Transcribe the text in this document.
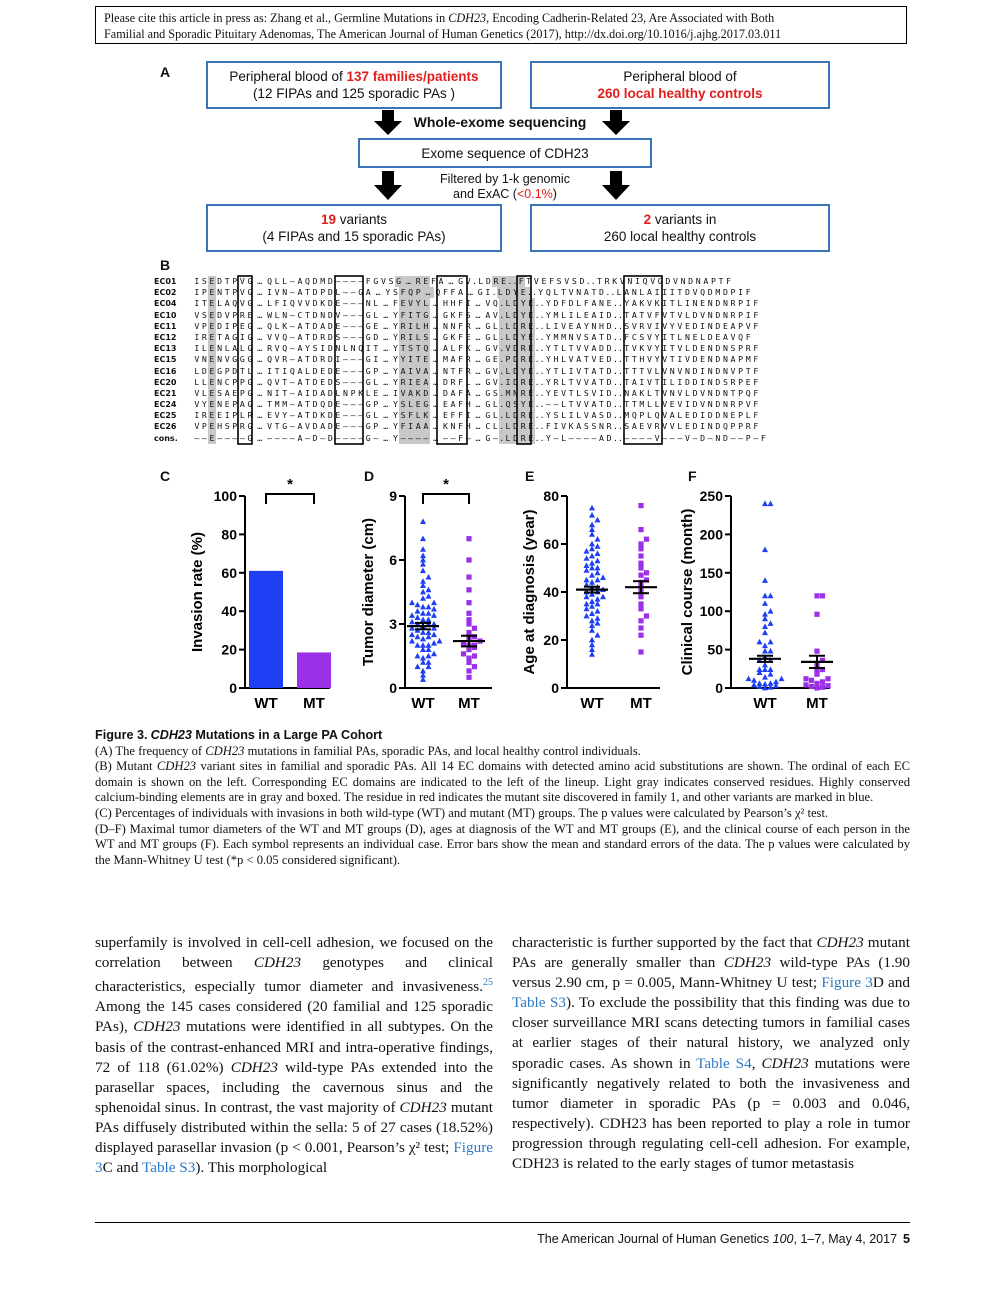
Please cite this article in press as: Zhang et al., Germline Mutations in CDH23, Encoding Cadherin-Related 23, Are Associated with Both
Familial and Sporadic Pituitary Adenomas, The American Journal of Human Genetics (2017), http://dx.doi.org/10.1016/j.ajhg.2017.03.011
A	Peripheral blood of 137 families/patients
(12 FIPAs and 125 sporadic PAs )
Peripheral blood of
260 local healthy controls
Whole-exome sequencing
Exome sequence of CDH23
Filtered by 1-k genomic
and ExAC (<0.1%)
19 variants
(4 FIPAs and 15 sporadic PAs)
2 variants in
260 local healthy controls
B
EC01 I S E D T P V G … Q L L — A Q D M D — — — — F G V S G … R E F A … G V.L D R E..F T V E F S V S D..T R K V N I Q V G D V N D N A P T F
EC02 I P E N T P V G … I V N — A T D P D L — — G A … Y S F Q P … Q F F A … G I.L D Y E..Y Q L T V N A T D..L A N L A I I I T D V Q D M D P I F
EC04 I T E L A Q V G … L F I Q V V D K D E — — — N L … F E V Y L … H H F I … V Q.L D Y E..Y D F D L F A N E..Y A K V K I T L I N E N D N R P I F
EC10 V S E D V P R E … W L N — C T D N D V — — — G L … Y F I T G … G K F S … A V.L D Y E..Y M L I L E A I D..T A T V F V T V L D V N D N R P I F
EC11 V P E D I P E G … Q L K — A T D A D E — — — G E … Y R I L H … N N F R … G L.L D R E..L I V E A Y N H D..S V R V I V Y V E D I N D E A P V F
EC12 I R E T A G I G … V V Q — A T D R D S — — — G D … Y R I L S … G K F E … G L.L D Y E..Y M M N V S A T D..F C S V Y I T L N E L D E A V Q F
EC13 I L E N L A L G … R V Q — A Y S I D N L N Q I T … Y T S T Q … A L F K … G V.V D R E..Y T L T V V A D D..T V K V Y I T V L D E N D N S P R F
EC15 V N E N V G G G … Q V R — A T D R D I — — — G I … Y Y I T E … M A F R … G E.P D R E..Y H L V A T V E D..T T H V Y V T I V D E N D N A P M F
EC16 L D E G P D T L … I T I Q A L D E D E — — — G P … Y A I V A … N T F R … G V.L D Y E..Y T L I V T A T D..T T T V L V N V N D I N D N V P T F
EC20 L L E N C P P G … Q V T — A T D E D S — — — G L … Y R I E A … D R F L … G V.I D R E..Y R L T V V A T D..T A I V T I L I D D I N D S R P E F
EC21 V L E S A E P G … N I T — A I D A D L N P K L E … I V A K D … D A F A … G S.M N R E..Y E V T L S V I D..N A K L T V N V L D V N D N T P Q F
EC24 V Y E N E P A G … T M M — A T D Q D E — — — G P … Y S L E G … E A F H … G L.Q S Y E..— — L T V V A T D..T T M L L V E V I D V N D N R P V F
EC25 I R E E I P L R … E V Y — A T D K D E — — — G L … Y S F L K … E F F I … G L.L D R E..Y S L I L V A S D..M Q P L Q V A L E D I D D N E P L F
EC26 V P E H S P R G … V T G — A V D A D E — — — G P … Y F I A A … K N F H … C L.L D R E..F I V K A S S N R..S A E V R V V L E D I N D Q P P R F
cons. — — E — — — — G … — — — — A — D — D — — — — G — … Y — — — — … — — F — … G —.L D R E..Y — L — — — — A D..— — — — V — — — V — D — N D — — P — F
C	D	E	F
0
20
40
60
80
100
Invasion rate (%)
WT MT
*
0
3
6
9
Tumor diameter (cm)
WT MT
*
0
20
40
60
80
Age at diagnosis (year)
WT MT
0
50
100
150
200
250
Clinical course (month)
WT MT

Figure 3. CDH23 Mutations in a Large PA Cohort

(A) The frequency of CDH23 mutations in familial PAs, sporadic PAs, and local healthy control individuals.

(B) Mutant CDH23 variant sites in familial and sporadic PAs. All 14 EC domains with detected amino acid substitutions are shown. The ordinal of each EC domain is shown on the left. Corresponding EC domains are indicated to the left of the lineup. Light gray indicates conserved residues. Highly conserved calcium-binding elements are in gray and boxed. The residue in red indicates the mutant site discovered in family 1, and other variants are marked in blue.

(C) Percentages of individuals with invasions in both wild-type (WT) and mutant (MT) groups. The p values were calculated by Pearson’s χ² test.

(D–F) Maximal tumor diameters of the WT and MT groups (D), ages at diagnosis of the WT and MT groups (E), and the clinical course of each person in the WT and MT groups (F). Each symbol represents an individual case. Error bars show the mean and standard errors of the data. The p values were calculated by the Mann-Whitney U test (*p < 0.05 considered significant).

superfamily is involved in cell-cell adhesion, we focused on the correlation between CDH23 genotypes and clinical characteristics, especially tumor diameter and invasiveness.$^{25}$ Among the 145 cases considered (20 familial and 125 sporadic PAs), CDH23 mutations were identified in all subtypes. On the basis of the contrast-enhanced MRI and intra-operative findings, 72 of 118 (61.02%) CDH23 wild-type PAs extended into the parasellar spaces, including the cavernous sinus and the sphenoidal sinus. In contrast, the vast majority of CDH23 mutant PAs diffusely distributed within the sella: 5 of 27 cases (18.52%) displayed parasellar invasion (p < 0.001, Pearson’s χ² test; Figure 3C and Table S3). This morphological

characteristic is further supported by the fact that CDH23 mutant PAs are generally smaller than CDH23 wild-type PAs (1.90 versus 2.90 cm, p = 0.005, Mann-Whitney U test; Figure 3D and Table S3). To exclude the possibility that this finding was due to closer surveillance MRI scans detecting tumors in familial cases at earlier stages of their natural history, we analyzed only sporadic cases. As shown in Table S4, CDH23 mutations were significantly negatively related to both the invasiveness and tumor diameter in sporadic PAs (p = 0.003 and 0.046, respectively). CDH23 has been reported to play a role in tumor progression through regulating cell-cell adhesion. For example, CDH23 is related to the early stages of tumor metastasis

The American Journal of Human Genetics 100, 1–7, May 4, 2017 5
